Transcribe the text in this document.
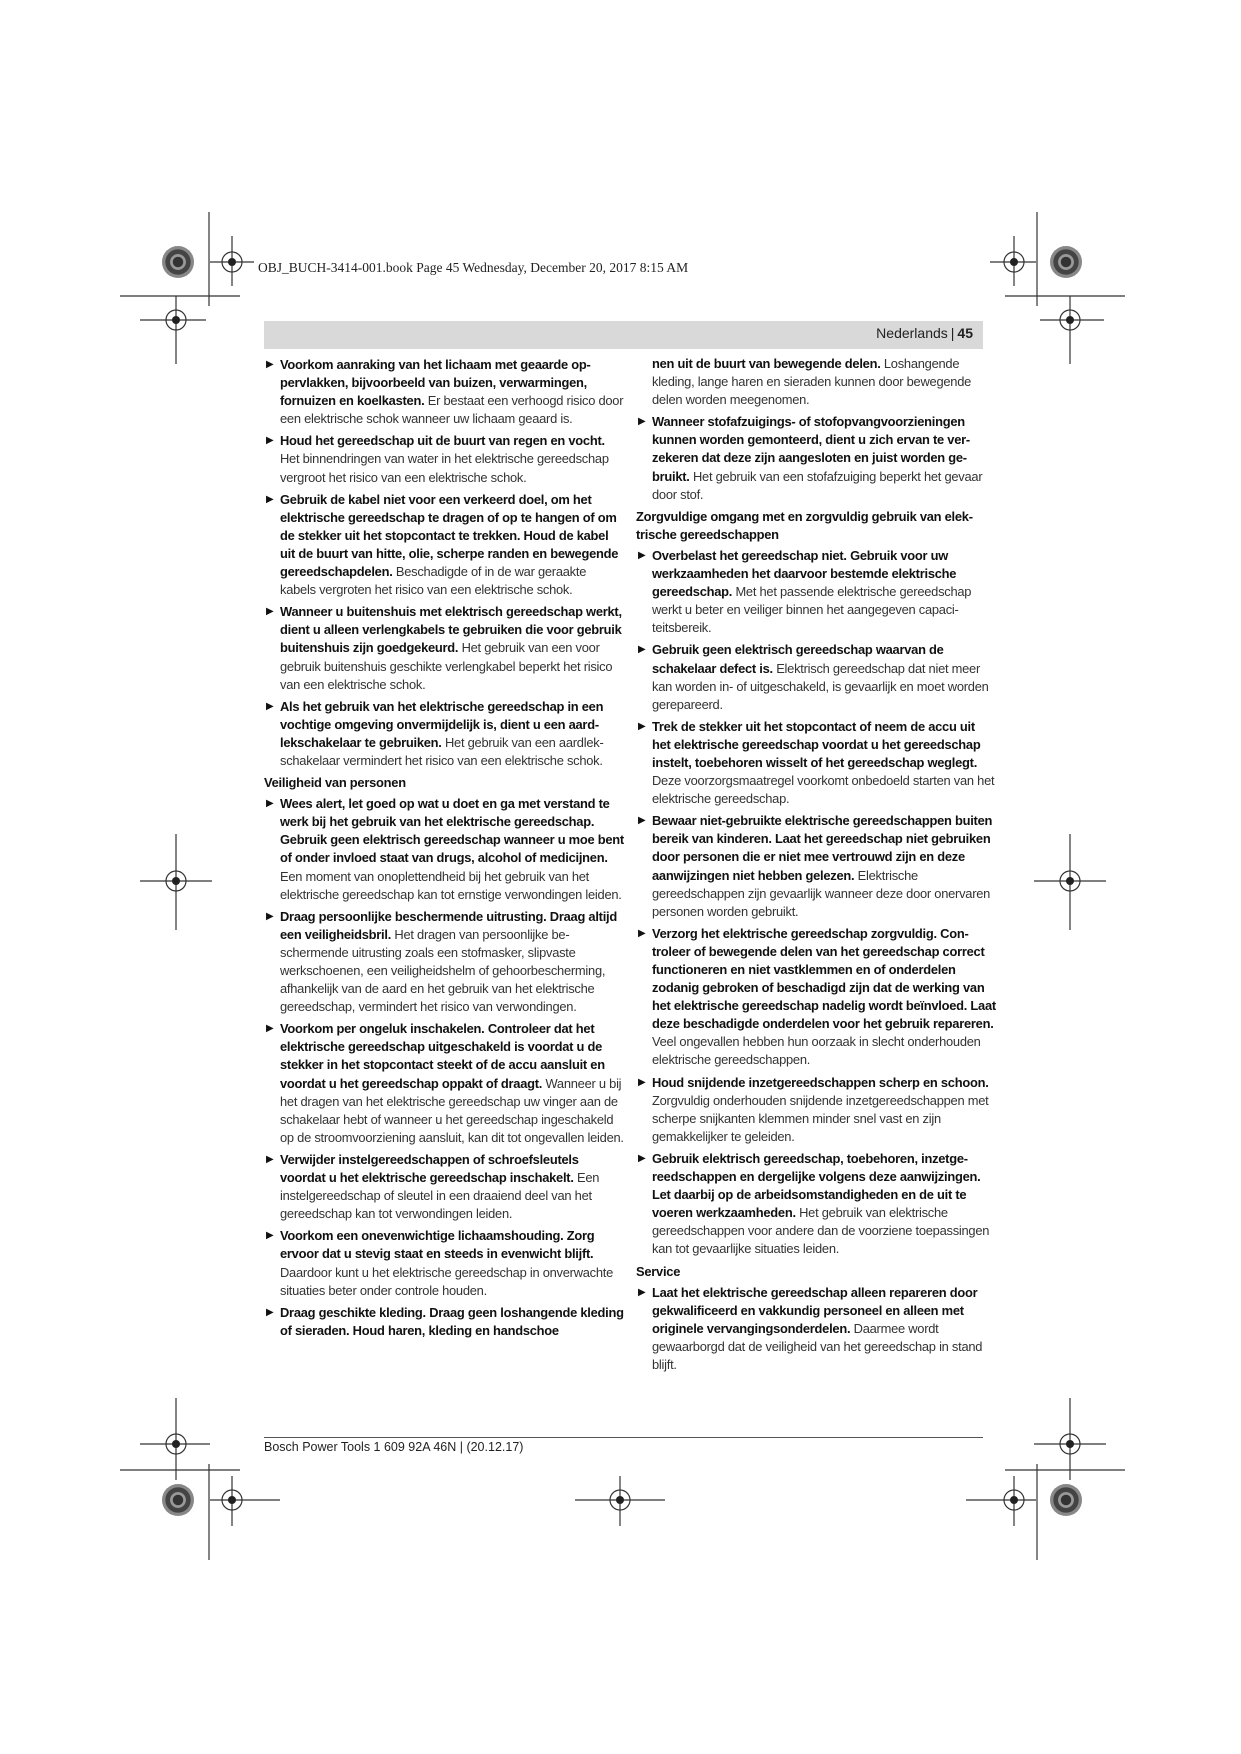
OBJ_BUCH-3414-001.book Page 45 Wednesday, December 20, 2017 8:15 AM
Nederlands | 45
▶ Voorkom aanraking van het lichaam met geaarde oppervlakken, bijvoorbeeld van buizen, verwarmingen, fornuizen en koelkasten. Er bestaat een verhoogd risico door een elektrische schok wanneer uw lichaam geaard is.
▶ Houd het gereedschap uit de buurt van regen en vocht. Het binnendringen van water in het elektrische gereedschap vergroot het risico van een elektrische schok.
▶ Gebruik de kabel niet voor een verkeerd doel, om het elektrische gereedschap te dragen of op te hangen of om de stekker uit het stopcontact te trekken. Houd de kabel uit de buurt van hitte, olie, scherpe randen en bewegende gereedschapdelen. Beschadigde of in de war geraakte kabels vergroten het risico van een elektrische schok.
▶ Wanneer u buitenshuis met elektrisch gereedschap werkt, dient u alleen verlengkabels te gebruiken die voor gebruik buitenshuis zijn goedgekeurd. Het gebruik van een voor gebruik buitenshuis geschikte verlengkabel beperkt het risico van een elektrische schok.
▶ Als het gebruik van het elektrische gereedschap in een vochtige omgeving onvermijdelijk is, dient u een aardlekschakelaar te gebruiken. Het gebruik van een aardlekschakelaar vermindert het risico van een elektrische schok.
Veiligheid van personen
▶ Wees alert, let goed op wat u doet en ga met verstand te werk bij het gebruik van het elektrische gereedschap. Gebruik geen elektrisch gereedschap wanneer u moe bent of onder invloed staat van drugs, alcohol of medicijnen. Een moment van onoplettendheid bij het gebruik van het elektrische gereedschap kan tot ernstige verwondingen leiden.
▶ Draag persoonlijke beschermende uitrusting. Draag altijd een veiligheidsbril. Het dragen van persoonlijke beschermende uitrusting zoals een stofmasker, slipvaste werkschoenen, een veiligheidshelm of gehoorbescherming, afhankelijk van de aard en het gebruik van het elektrische gereedschap, vermindert het risico van verwondingen.
▶ Voorkom per ongeluk inschakelen. Controleer dat het elektrische gereedschap uitgeschakeld is voordat u de stekker in het stopcontact steekt of de accu aansluit en voordat u het gereedschap oppakt of draagt. Wanneer u bij het dragen van het elektrische gereedschap uw vinger aan de schakelaar hebt of wanneer u het gereedschap ingeschakeld op de stroomvoorziening aansluit, kan dit tot ongevallen leiden.
▶ Verwijder instelgereedschappen of schroefsleutels voordat u het elektrische gereedschap inschakelt. Een instelgereedschap of sleutel in een draaiend deel van het gereedschap kan tot verwondingen leiden.
▶ Voorkom een onevenwichtige lichaamshouding. Zorg ervoor dat u stevig staat en steeds in evenwicht blijft. Daardoor kunt u het elektrische gereedschap in onverwachte situaties beter onder controle houden.
▶ Draag geschikte kleding. Draag geen loshangende kleding of sieraden. Houd haren, kleding en handschoe
nen uit de buurt van bewegende delen. Loshangende kleding, lange haren en sieraden kunnen door bewegende delen worden meegenomen.
▶ Wanneer stofafzuigings- of stofopvangvoorzieningen kunnen worden gemonteerd, dient u zich ervan te verzekeren dat deze zijn aangesloten en juist worden gebruikt. Het gebruik van een stofafzuiging beperkt het gevaar door stof.
Zorgvuldige omgang met en zorgvuldig gebruik van elektrische gereedschappen
▶ Overbelast het gereedschap niet. Gebruik voor uw werkzaamheden het daarvoor bestemde elektrische gereedschap. Met het passende elektrische gereedschap werkt u beter en veiliger binnen het aangegeven capaciteitsbereik.
▶ Gebruik geen elektrisch gereedschap waarvan de schakelaar defect is. Elektrisch gereedschap dat niet meer kan worden in- of uitgeschakeld, is gevaarlijk en moet worden gerepareerd.
▶ Trek de stekker uit het stopcontact of neem de accu uit het elektrische gereedschap voordat u het gereedschap instelt, toebehoren wisselt of het gereedschap weglegt. Deze voorzorgsmaatregel voorkomt onbedoeld starten van het elektrische gereedschap.
▶ Bewaar niet-gebruikte elektrische gereedschappen buiten bereik van kinderen. Laat het gereedschap niet gebruiken door personen die er niet mee vertrouwd zijn en deze aanwijzingen niet hebben gelezen. Elektrische gereedschappen zijn gevaarlijk wanneer deze door onervaren personen worden gebruikt.
▶ Verzorg het elektrische gereedschap zorgvuldig. Controleer of bewegende delen van het gereedschap correct functioneren en niet vastklemmen en of onderdelen zodanig gebroken of beschadigd zijn dat de werking van het elektrische gereedschap nadelig wordt beïnvloed. Laat deze beschadigde onderdelen voor het gebruik repareren. Veel ongevallen hebben hun oorzaak in slecht onderhouden elektrische gereedschappen.
▶ Houd snijdende inzetgereedschappen scherp en schoon. Zorgvuldig onderhouden snijdende inzetgereedschappen met scherpe snijkanten klemmen minder snel vast en zijn gemakkelijker te geleiden.
▶ Gebruik elektrisch gereedschap, toebehoren, inzetgereedschappen en dergelijke volgens deze aanwijzingen. Let daarbij op de arbeidsomstandigheden en de uit te voeren werkzaamheden. Het gebruik van elektrische gereedschappen voor andere dan de voorziene toepassingen kan tot gevaarlijke situaties leiden.
Service
▶ Laat het elektrische gereedschap alleen repareren door gekwalificeerd en vakkundig personeel en alleen met originele vervangingsonderdelen. Daarmee wordt gewaarborgd dat de veiligheid van het gereedschap in stand blijft.
Bosch Power Tools 1 609 92A 46N | (20.12.17)
